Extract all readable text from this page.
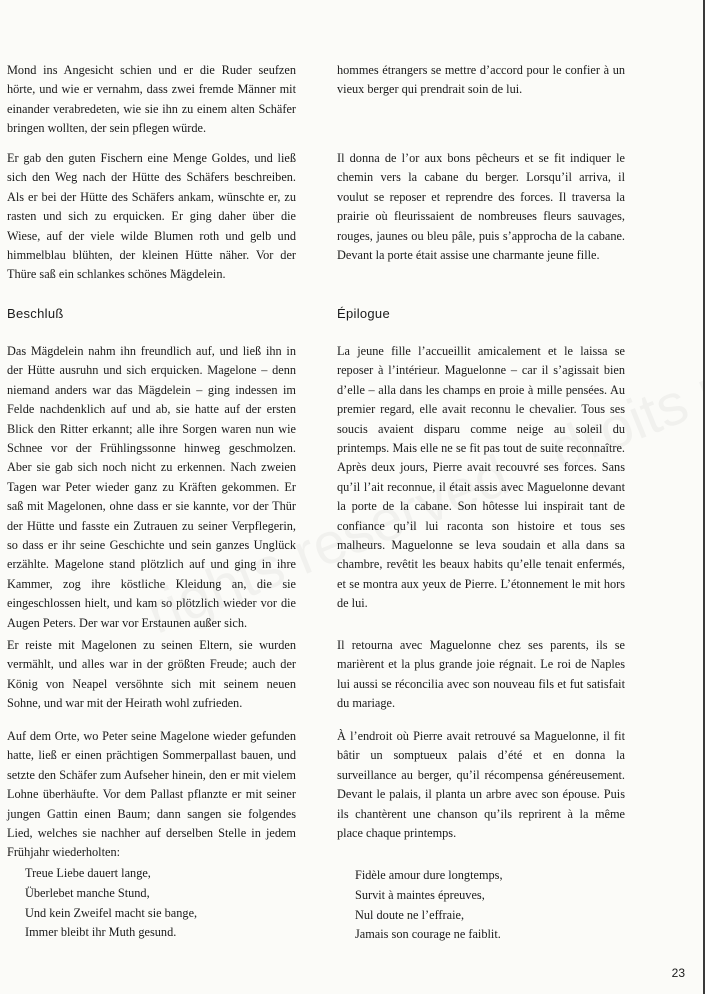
Mond ins Angesicht schien und er die Ruder seufzen hörte, und wie er vernahm, dass zwei fremde Männer mit einander verabredeten, wie sie ihn zu einem alten Schäfer bringen wollten, der sein pflegen würde.

Er gab den guten Fischern eine Menge Goldes, und ließ sich den Weg nach der Hütte des Schäfers beschreiben. Als er bei der Hütte des Schäfers ankam, wünschte er, zu rasten und sich zu erquicken. Er ging daher über die Wiese, auf der viele wilde Blumen roth und gelb und himmelblau blühten, der kleinen Hütte näher. Vor der Thüre saß ein schlankes schönes Mägdelein.

Beschluß

Das Mägdelein nahm ihn freundlich auf, und ließ ihn in der Hütte ausruhn und sich erquicken. Magelone – denn niemand anders war das Mägdelein – ging indessen im Felde nachdenklich auf und ab, sie hatte auf der ersten Blick den Ritter erkannt; alle ihre Sorgen waren nun wie Schnee vor der Frühlingssonne hinweg geschmolzen. Aber sie gab sich noch nicht zu erkennen. Nach zweien Tagen war Peter wieder ganz zu Kräften gekommen. Er saß mit Magelonen, ohne dass er sie kannte, vor der Thür der Hütte und fasste ein Zutrauen zu seiner Verpflegerin, so dass er ihr seine Geschichte und sein ganzes Unglück erzählte. Magelone stand plötzlich auf und ging in ihre Kammer, zog ihre köstliche Kleidung an, die sie eingeschlossen hielt, und kam so plötzlich wieder vor die Augen Peters. Der war vor Erstaunen außer sich.

Er reiste mit Magelonen zu seinen Eltern, sie wurden vermählt, und alles war in der größten Freude; auch der König von Neapel versöhnte sich mit seinem neuen Sohne, und war mit der Heirath wohl zufrieden.

Auf dem Orte, wo Peter seine Magelone wieder gefunden hatte, ließ er einen prächtigen Sommerpallast bauen, und setzte den Schäfer zum Aufseher hinein, den er mit vielem Lohne überhäufte. Vor dem Pallast pflanzte er mit seiner jungen Gattin einen Baum; dann sangen sie folgendes Lied, welches sie nachher auf derselben Stelle in jedem Frühjahr wiederholten:

Treue Liebe dauert lange,
Überlebet manche Stund,
Und kein Zweifel macht sie bange,
Immer bleibt ihr Muth gesund.

hommes étrangers se mettre d’accord pour le confier à un vieux berger qui prendrait soin de lui.

Il donna de l’or aux bons pêcheurs et se fit indiquer le chemin vers la cabane du berger. Lorsqu’il arriva, il voulut se reposer et reprendre des forces. Il traversa la prairie où fleurissaient de nombreuses fleurs sauvages, rouges, jaunes ou bleu pâle, puis s’approcha de la cabane. Devant la porte était assise une charmante jeune fille.

Épilogue

La jeune fille l’accueillit amicalement et le laissa se reposer à l’intérieur. Maguelonne – car il s’agissait bien d’elle – alla dans les champs en proie à mille pensées. Au premier regard, elle avait reconnu le chevalier. Tous ses soucis avaient disparu comme neige au soleil du printemps. Mais elle ne se fit pas tout de suite reconnaître. Après deux jours, Pierre avait recouvré ses forces. Sans qu’il l’ait reconnue, il était assis avec Maguelonne devant la porte de la cabane. Son hôtesse lui inspirait tant de confiance qu’il lui raconta son histoire et tous ses malheurs. Maguelonne se leva soudain et alla dans sa chambre, revêtit les beaux habits qu’elle tenait enfermés, et se montra aux yeux de Pierre. L’étonnement le mit hors de lui.

Il retourna avec Maguelonne chez ses parents, ils se marièrent et la plus grande joie régnait. Le roi de Naples lui aussi se réconcilia avec son nouveau fils et fut satisfait du mariage.

À l’endroit où Pierre avait retrouvé sa Maguelonne, il fit bâtir un somptueux palais d’été et en donna la surveillance au berger, qu’il récompensa généreusement. Devant le palais, il planta un arbre avec son épouse. Puis ils chantèrent une chanson qu’ils reprirent à la même place chaque printemps.

Fidèle amour dure longtemps,
Survit à maintes épreuves,
Nul doute ne l’effraie,
Jamais son courage ne faiblit.
23
